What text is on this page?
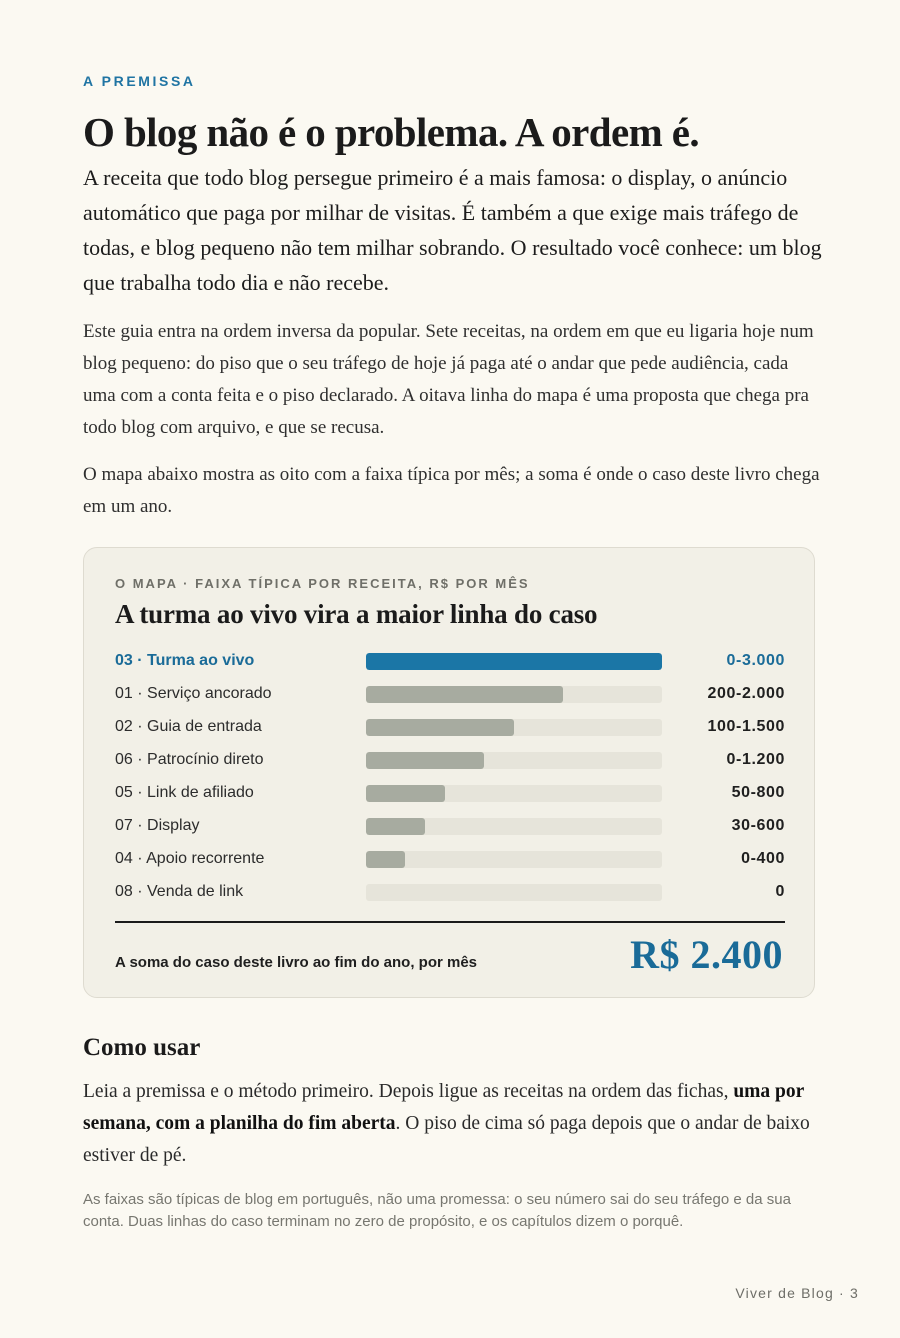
A PREMISSA
O blog não é o problema. A ordem é.

A receita que todo blog persegue primeiro é a mais famosa: o display, o anúncio automático que paga por milhar de visitas. É também a que exige mais tráfego de todas, e blog pequeno não tem milhar sobrando. O resultado você conhece: um blog que trabalha todo dia e não recebe.

Este guia entra na ordem inversa da popular. Sete receitas, na ordem em que eu ligaria hoje num blog pequeno: do piso que o seu tráfego de hoje já paga até o andar que pede audiência, cada uma com a conta feita e o piso declarado. A oitava linha do mapa é uma proposta que chega pra todo blog com arquivo, e que se recusa.

O mapa abaixo mostra as oito com a faixa típica por mês; a soma é onde o caso deste livro chega em um ano.

O MAPA · FAIXA TÍPICA POR RECEITA, R$ POR MÊS
A turma ao vivo vira a maior linha do caso
03 · Turma ao vivo	0-3.000
01 · Serviço ancorado	200-2.000
02 · Guia de entrada	100-1.500
06 · Patrocínio direto	0-1.200
05 · Link de afiliado	50-800
07 · Display	30-600
04 · Apoio recorrente	0-400
08 · Venda de link	0
A soma do caso deste livro ao fim do ano, por mês	R$ 2.400
Como usar

Leia a premissa e o método primeiro. Depois ligue as receitas na ordem das fichas, uma por semana, com a planilha do fim aberta. O piso de cima só paga depois que o andar de baixo estiver de pé.

As faixas são típicas de blog em português, não uma promessa: o seu número sai do seu tráfego e da sua conta. Duas linhas do caso terminam no zero de propósito, e os capítulos dizem o porquê.

Viver de Blog · 3
